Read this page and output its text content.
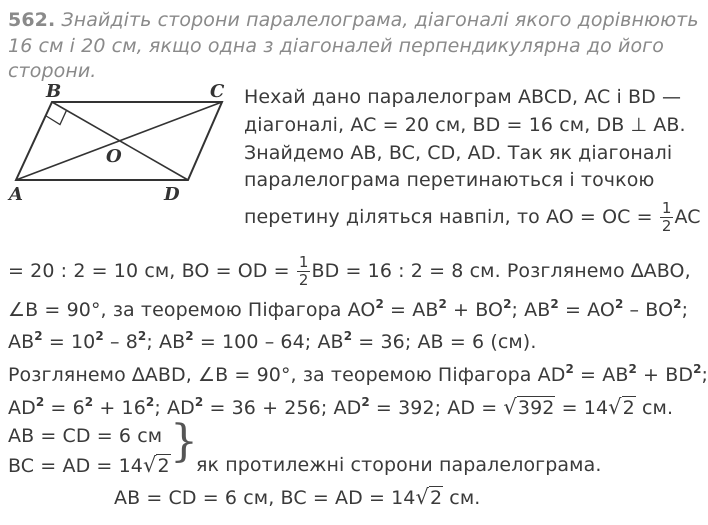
562. Знайдіть сторони паралелограма, діагоналі якого дорівнюють
16 см і 20 см, якщо одна з діагоналей перпендикулярна до його
сторони.
B	C
A	D
O
Нехай дано паралелограм ABCD, AC і BD —
діагоналі, AC = 20 см, BD = 16 см, DB ⊥ AB.
Знайдемо AB, BC, CD, AD. Так як діагоналі
паралелограма перетинаються і точкою
перетину діляться навпіл, то AO = OC = $\frac{1}{2}$ AC
= 20 : 2 = 10 см, BO = OD = $\frac{1}{2}$ BD = 16 : 2 = 8 см. Розглянемо ∆ABO,
∠B = 90°, за теоремою Піфагора $AO^2 = AB^2 + BO^2$; $AB^2 = AO^2 - BO^2$;
$AB^2 = 10^2 - 8^2$; $AB^2 = 100 - 64$; $AB^2 = 36$; AB = 6 (см).
Розглянемо ∆ABD, ∠B = 90°, за теоремою Піфагора $AD^2 = AB^2 + BD^2$;
$AD^2 = 6^2 + 16^2$; $AD^2 = 36 + 256$; $AD^2 = 392$; AD = √392 = 14√2 см.
AB = CD = 6 см
BC = AD = 14√2 }
як протилежні сторони паралелограма.
AB = CD = 6 см, BC = AD = 14√2 см.
